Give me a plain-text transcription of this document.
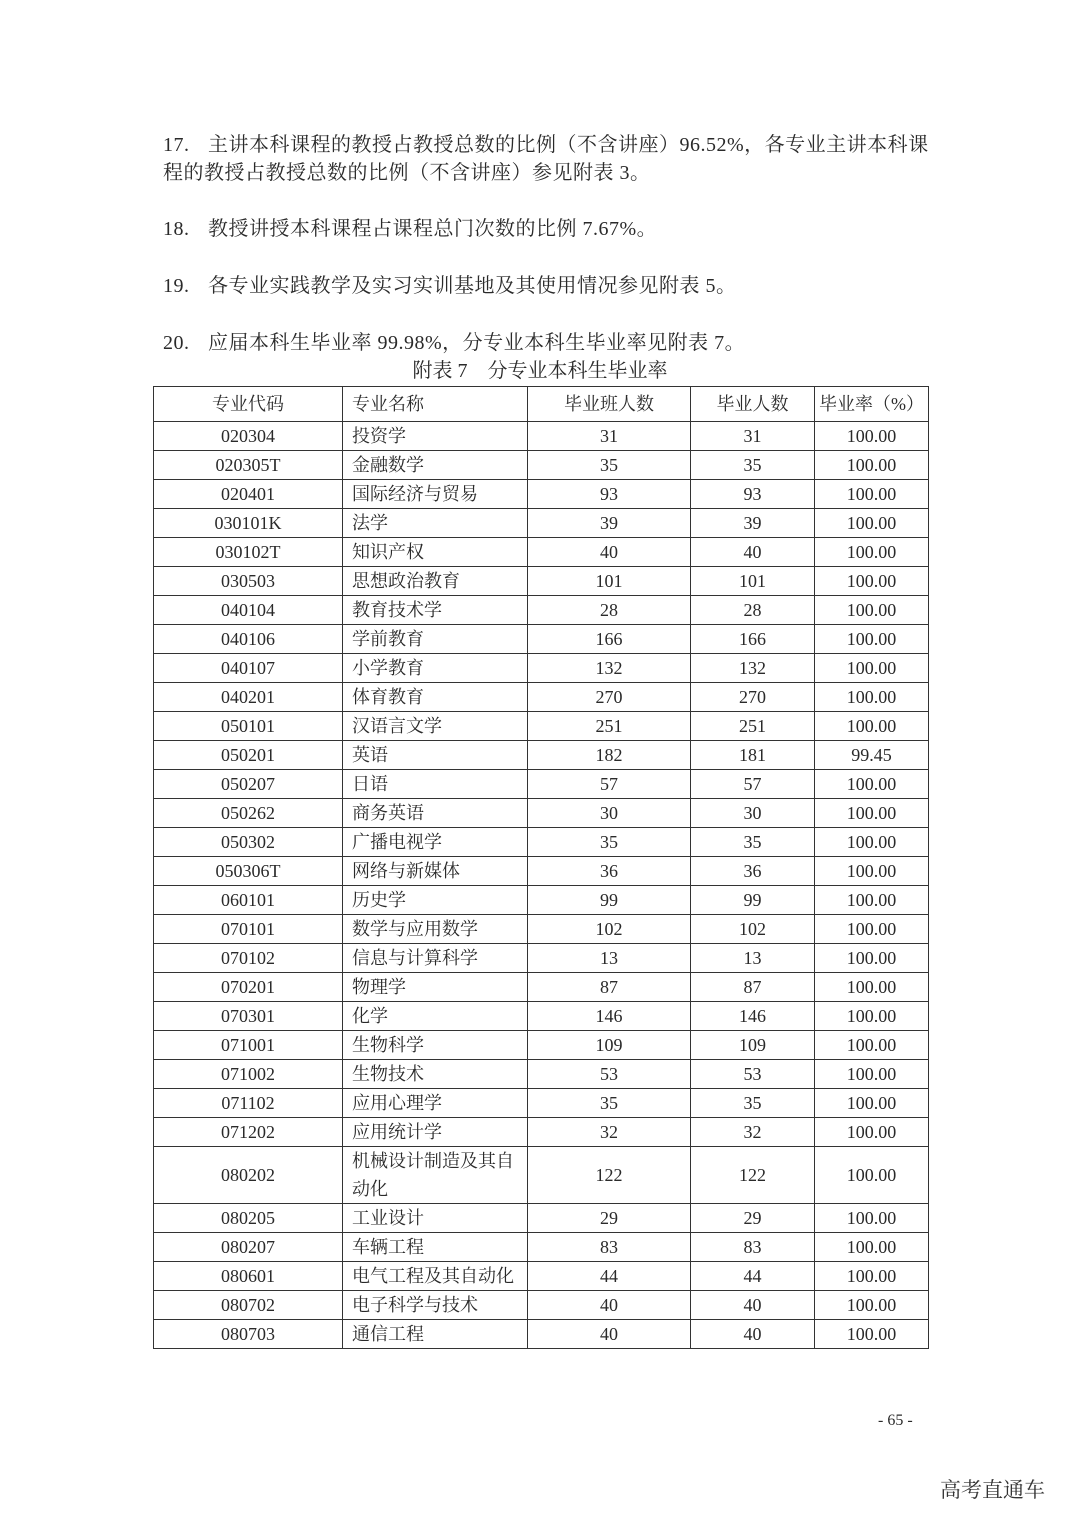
17. 主讲本科课程的教授占教授总数的比例（不含讲座）96.52%，各专业主讲本科课程的教授占教授总数的比例（不含讲座）参见附表 3。
18. 教授讲授本科课程占课程总门次数的比例 7.67%。
19. 各专业实践教学及实习实训基地及其使用情况参见附表 5。
20. 应届本科生毕业率 99.98%，分专业本科生毕业率见附表 7。
附表 7 分专业本科生毕业率
专业代码	专业名称	毕业班人数	毕业人数	毕业率（%）
020304	投资学	31	31	100.00
020305T	金融数学	35	35	100.00
020401	国际经济与贸易	93	93	100.00
030101K	法学	39	39	100.00
030102T	知识产权	40	40	100.00
030503	思想政治教育	101	101	100.00
040104	教育技术学	28	28	100.00
040106	学前教育	166	166	100.00
040107	小学教育	132	132	100.00
040201	体育教育	270	270	100.00
050101	汉语言文学	251	251	100.00
050201	英语	182	181	99.45
050207	日语	57	57	100.00
050262	商务英语	30	30	100.00
050302	广播电视学	35	35	100.00
050306T	网络与新媒体	36	36	100.00
060101	历史学	99	99	100.00
070101	数学与应用数学	102	102	100.00
070102	信息与计算科学	13	13	100.00
070201	物理学	87	87	100.00
070301	化学	146	146	100.00
071001	生物科学	109	109	100.00
071002	生物技术	53	53	100.00
071102	应用心理学	35	35	100.00
071202	应用统计学	32	32	100.00
080202	机械设计制造及其自动化	122	122	100.00
080205	工业设计	29	29	100.00
080207	车辆工程	83	83	100.00
080601	电气工程及其自动化	44	44	100.00
080702	电子科学与技术	40	40	100.00
080703	通信工程	40	40	100.00
- 65 -
高考直通车
